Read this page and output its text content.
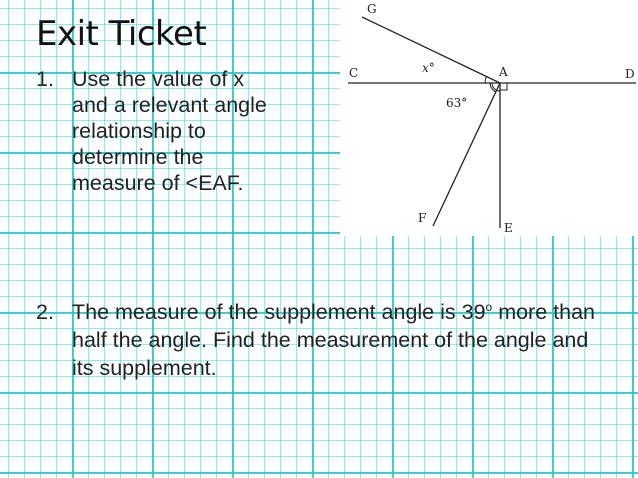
Exit Ticket
1. Use the value of x
and a relevant angle
relationship to
determine the
measure of <EAF.
G
C	A	D
F
E
x°
63°
2. The measure of the supplement angle is 39$^o$ more than half the angle. Find the measurement of the angle and its supplement.
